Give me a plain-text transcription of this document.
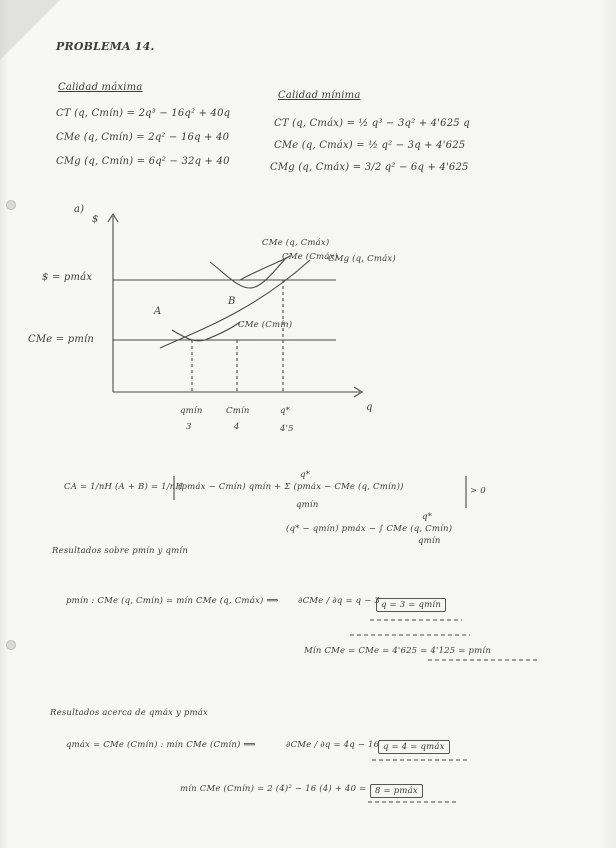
PROBLEMA 14.
Calidad máxima
CT (q, Cmín) = 2q³ − 16q² + 40q
CMe (q, Cmín) = 2q² − 16q + 40
CMg (q, Cmín) = 6q² − 32q + 40
Calidad mínima
CT (q, Cmáx) = ½ q³ − 3q² + 4'625 q
CMe (q, Cmáx) = ½ q² − 3q + 4'625
CMg (q, Cmáx) = 3/2 q² − 6q + 4'625
a)
$
q
$ = pmáx
CMe = pmín
CMe (q, Cmáx)
CMe (Cmáx)
CMg (q, Cmáx)
CMe (Cmín)
A
B
qmín
3
Cmín
4
q*
4'5
CA = 1/nH (A + B) = 1/nH
(pmáx − Cmín) qmín + Σ (pmáx − CMe (q, Cmín))
q*
qmín
> 0
(q* − qmín) pmáx − ∫ CMe (q, Cmín)
q*
qmín
Resultados sobre pmín y qmín
pmín : CMe (q, Cmín) = mín CMe (q, Cmáx) ⟹ ∂CMe / ∂q = q − 3 q = 3 = qmín
Mín CMe = CMe = 4'625 = 4'125 = pmín
Resultados acerca de qmáx y pmáx
qmáx = CMe (Cmín) : mín CMe (Cmín) ⟹	∂CMe / ∂q = 4q − 16 q = 4 = qmáx
mín CMe (Cmín) = 2 (4)² − 16 (4) + 40 =	8 = pmáx
